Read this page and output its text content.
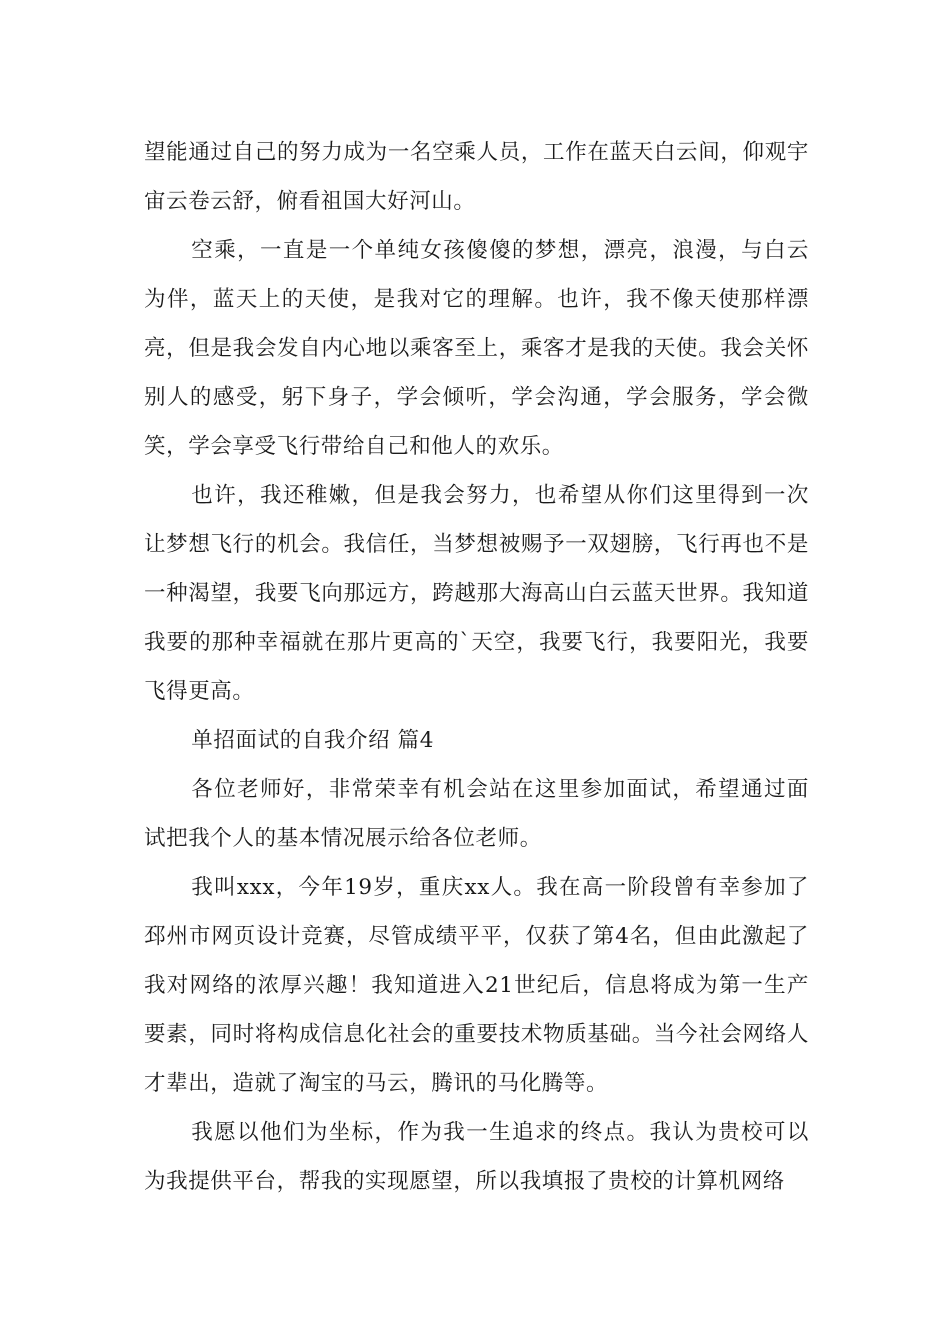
望能通过自己的努力成为一名空乘人员，工作在蓝天白云间，仰观宇宙云卷云舒，俯看祖国大好河山。

空乘，一直是一个单纯女孩傻傻的梦想，漂亮，浪漫，与白云为伴，蓝天上的天使，是我对它的理解。也许，我不像天使那样漂亮，但是我会发自内心地以乘客至上，乘客才是我的天使。我会关怀别人的感受，躬下身子，学会倾听，学会沟通，学会服务，学会微笑，学会享受飞行带给自己和他人的欢乐。

也许，我还稚嫩，但是我会努力，也希望从你们这里得到一次让梦想飞行的机会。我信任，当梦想被赐予一双翅膀，飞行再也不是一种渴望，我要飞向那远方，跨越那大海高山白云蓝天世界。我知道我要的那种幸福就在那片更高的`天空，我要飞行，我要阳光，我要飞得更高。

单招面试的自我介绍 篇4

各位老师好，非常荣幸有机会站在这里参加面试，希望通过面试把我个人的基本情况展示给各位老师。

我叫xxx，今年19岁，重庆xx人。我在高一阶段曾有幸参加了邳州市网页设计竞赛，尽管成绩平平，仅获了第4名，但由此激起了我对网络的浓厚兴趣！我知道进入21世纪后，信息将成为第一生产要素，同时将构成信息化社会的重要技术物质基础。当今社会网络人才辈出，造就了淘宝的马云，腾讯的马化腾等。

我愿以他们为坐标，作为我一生追求的终点。我认为贵校可以为我提供平台，帮我的实现愿望，所以我填报了贵校的计算机网络
